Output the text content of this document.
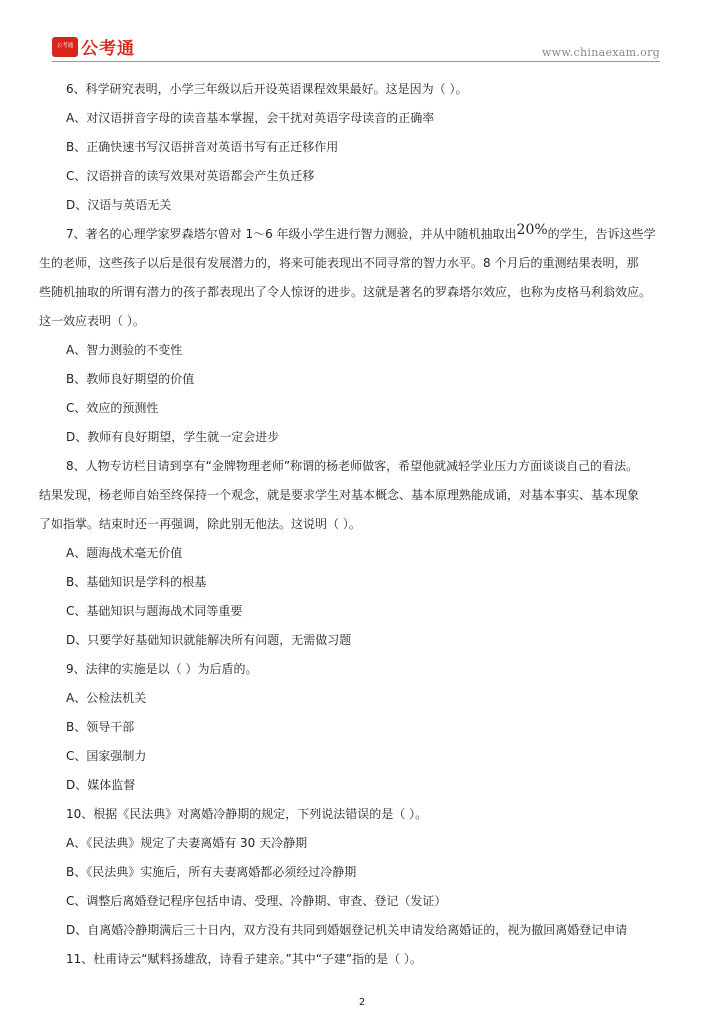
公考通 公考通	www.chinaexam.org
6、科学研究表明，小学三年级以后开设英语课程效果最好。这是因为（ ）。
A、对汉语拼音字母的读音基本掌握，会干扰对英语字母读音的正确率
B、正确快速书写汉语拼音对英语书写有正迁移作用
C、汉语拼音的读写效果对英语都会产生负迁移
D、汉语与英语无关
7、著名的心理学家罗森塔尔曾对 1～6 年级小学生进行智力测验，并从中随机抽取出20%的学生，告诉这些学
生的老师，这些孩子以后是很有发展潜力的，将来可能表现出不同寻常的智力水平。8 个月后的重测结果表明，那
些随机抽取的所谓有潜力的孩子都表现出了令人惊讶的进步。这就是著名的罗森塔尔效应，也称为皮格马利翁效应。
这一效应表明（ ）。
A、智力测验的不变性
B、教师良好期望的价值
C、效应的预测性
D、教师有良好期望，学生就一定会进步
8、人物专访栏目请到享有“金牌物理老师”称谓的杨老师做客，希望他就减轻学业压力方面谈谈自己的看法。
结果发现，杨老师自始至终保持一个观念，就是要求学生对基本概念、基本原理熟能成诵，对基本事实、基本现象
了如指掌。结束时还一再强调，除此别无他法。这说明（ ）。
A、题海战术毫无价值
B、基础知识是学科的根基
C、基础知识与题海战术同等重要
D、只要学好基础知识就能解决所有问题，无需做习题
9、法律的实施是以（ ）为后盾的。
A、公检法机关
B、领导干部
C、国家强制力
D、媒体监督
10、根据《民法典》对离婚冷静期的规定，下列说法错误的是（ ）。
A、《民法典》规定了夫妻离婚有 30 天冷静期
B、《民法典》实施后，所有夫妻离婚都必须经过冷静期
C、调整后离婚登记程序包括申请、受理、冷静期、审查、登记（发证）
D、自离婚冷静期满后三十日内，双方没有共同到婚姻登记机关申请发给离婚证的，视为撤回离婚登记申请
11、杜甫诗云“赋料扬雄敌，诗看子建亲。”其中“子建”指的是（ ）。
2
